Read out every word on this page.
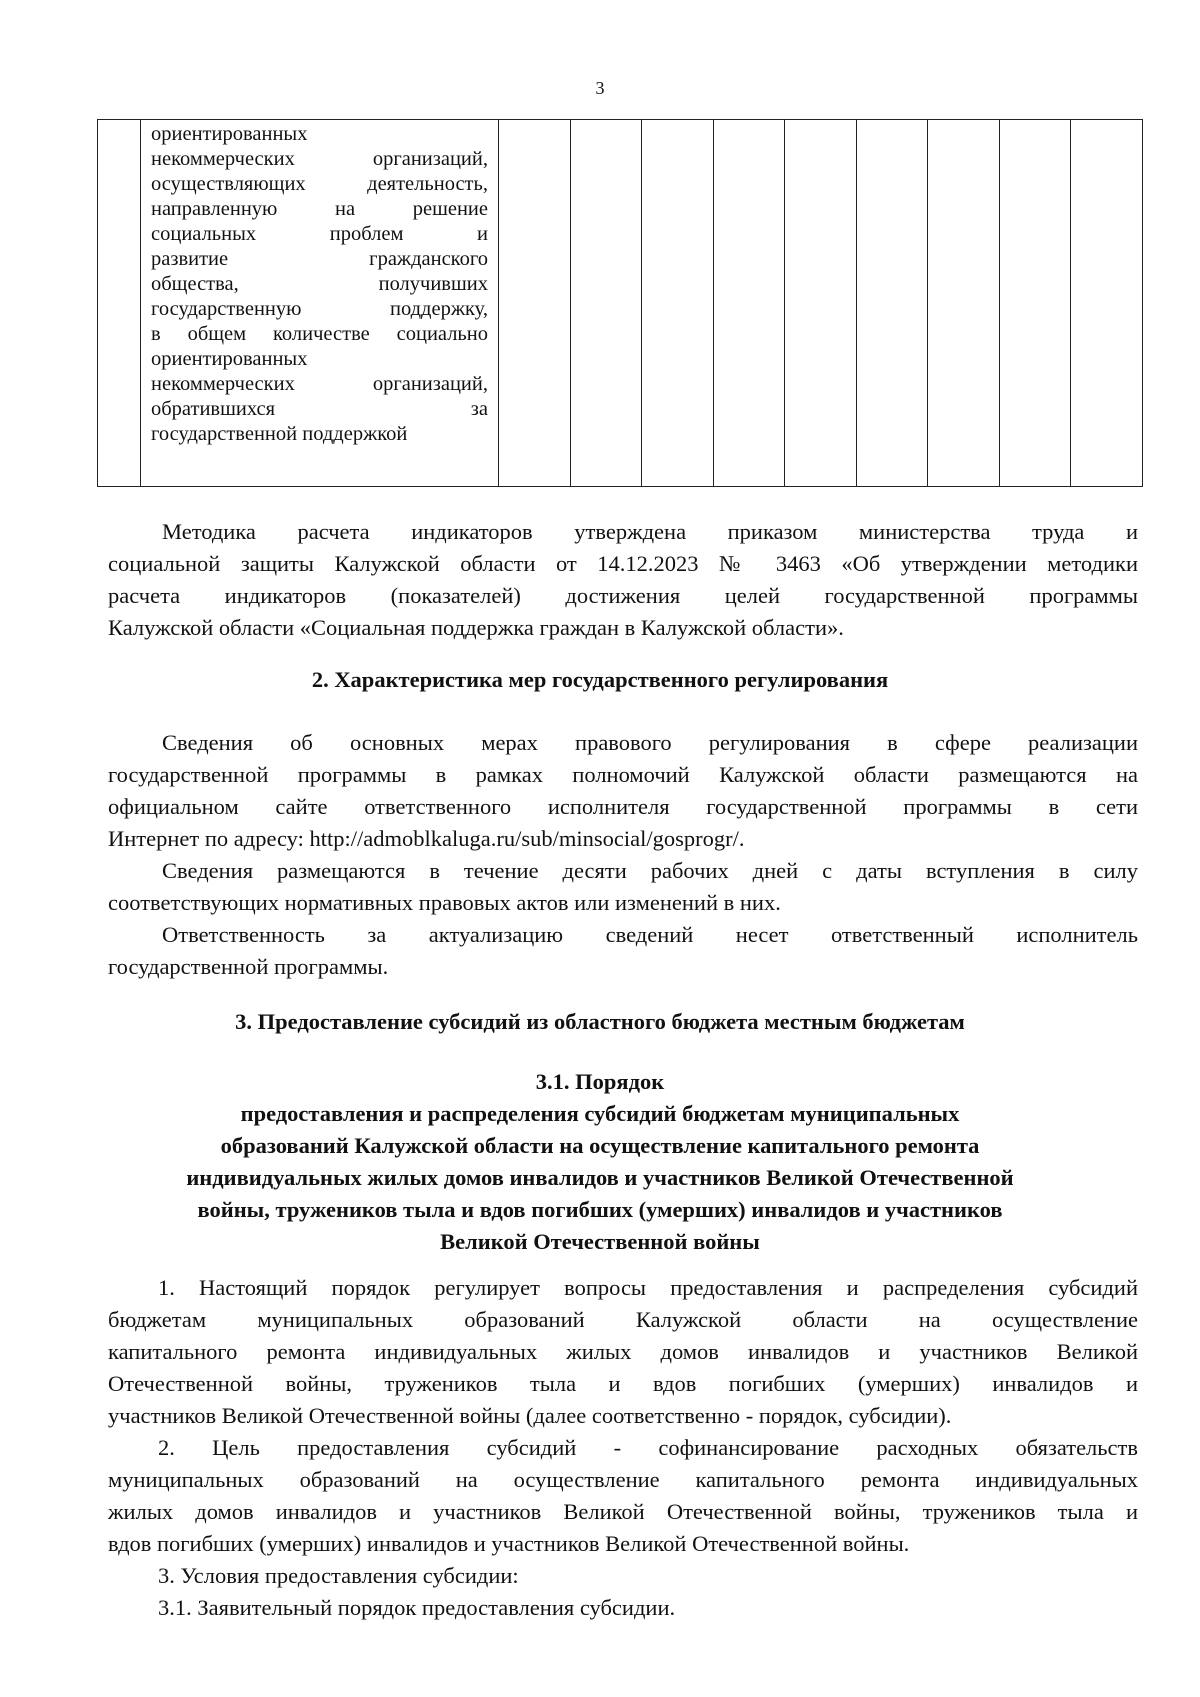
3

ориентированных
некоммерческих организаций,
осуществляющих деятельность,
направленную на решение
социальных проблем и
развитие гражданского
общества, получивших
государственную поддержку,
в общем количестве социально
ориентированных
некоммерческих организаций,
обратившихся за
государственной поддержкой

Методика расчета индикаторов утверждена приказом министерства труда и
социальной защиты Калужской области от 14.12.2023 № 3463 «Об утверждении методики
расчета индикаторов (показателей) достижения целей государственной программы
Калужской области «Социальная поддержка граждан в Калужской области».
2. Характеристика мер государственного регулирования
Сведения об основных мерах правового регулирования в сфере реализации
государственной программы в рамках полномочий Калужской области размещаются на
официальном сайте ответственного исполнителя государственной программы в сети
Интернет по адресу: http://admoblkaluga.ru/sub/minsocial/gosprogr/.
Сведения размещаются в течение десяти рабочих дней с даты вступления в силу
соответствующих нормативных правовых актов или изменений в них.
Ответственность за актуализацию сведений несет ответственный исполнитель
государственной программы.
3. Предоставление субсидий из областного бюджета местным бюджетам
3.1. Порядок
предоставления и распределения субсидий бюджетам муниципальных
образований Калужской области на осуществление капитального ремонта
индивидуальных жилых домов инвалидов и участников Великой Отечественной
войны, тружеников тыла и вдов погибших (умерших) инвалидов и участников
Великой Отечественной войны
1. Настоящий порядок регулирует вопросы предоставления и распределения субсидий
бюджетам муниципальных образований Калужской области на осуществление
капитального ремонта индивидуальных жилых домов инвалидов и участников Великой
Отечественной войны, тружеников тыла и вдов погибших (умерших) инвалидов и
участников Великой Отечественной войны (далее соответственно - порядок, субсидии).
2. Цель предоставления субсидий - софинансирование расходных обязательств
муниципальных образований на осуществление капитального ремонта индивидуальных
жилых домов инвалидов и участников Великой Отечественной войны, тружеников тыла и
вдов погибших (умерших) инвалидов и участников Великой Отечественной войны.
3. Условия предоставления субсидии:
3.1. Заявительный порядок предоставления субсидии.
